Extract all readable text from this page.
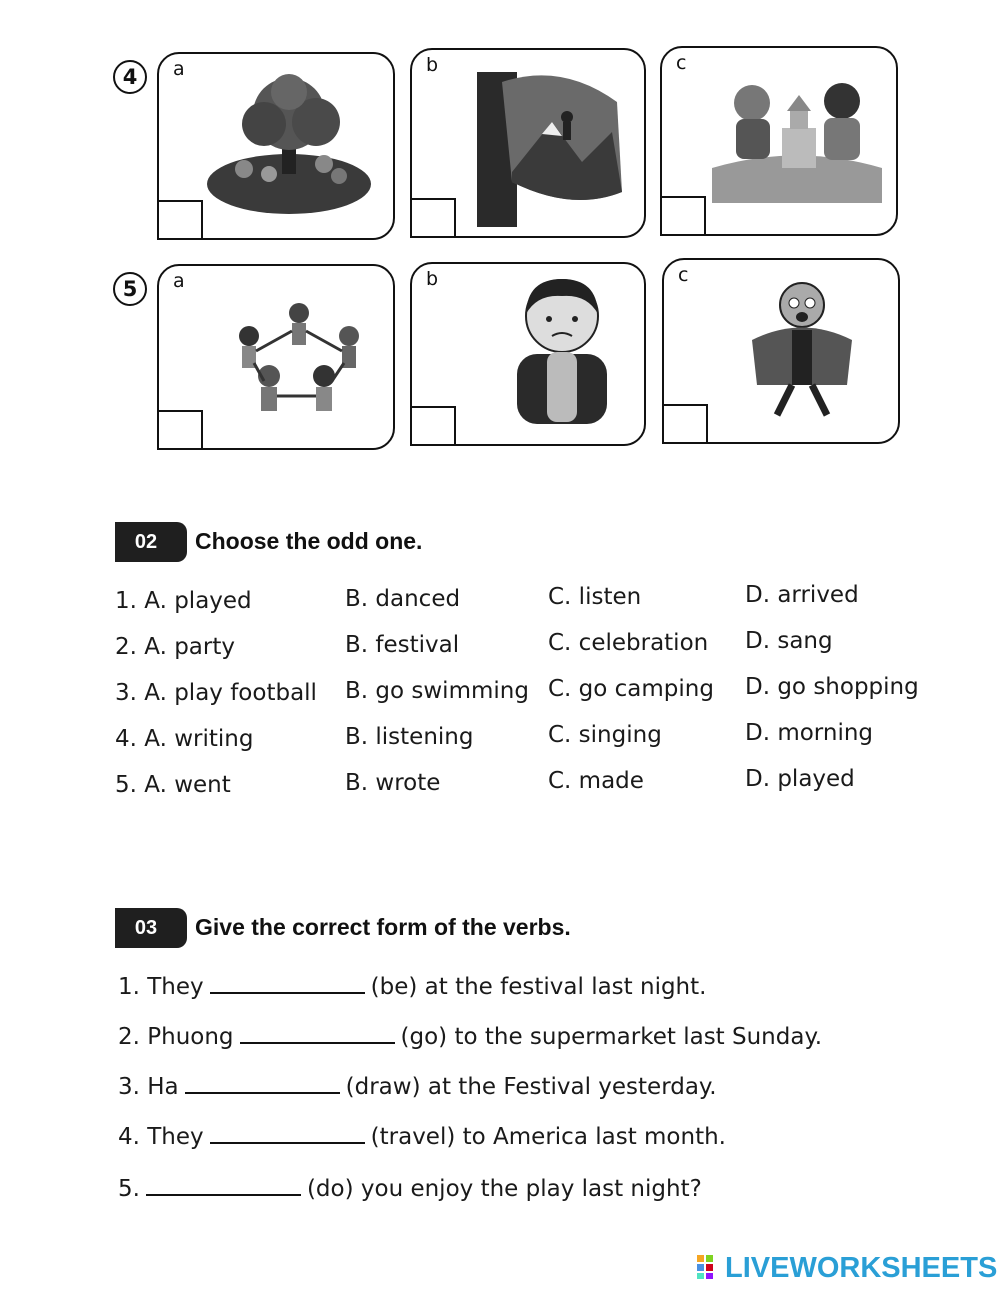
4	a	b	c
5	a	b	c
02	Choose the odd one.
1. A. played	B. danced	C. listen	D. arrived
2. A. party	B. festival	C. celebration D. sang
3. A. play football B. go swimming C. go camping D. go shopping
4. A. writing	B. listening	C. singing	D. morning
5. A. went	B. wrote	C. made	D. played
03	Give the correct form of the verbs.
1. They	(be) at the festival last night.
2. Phuong	(go) to the supermarket last Sunday.
3. Ha	(draw) at the Festival yesterday.
4. They	(travel) to America last month.
5.	(do) you enjoy the play last night?
LIVEWORKSHEETS
